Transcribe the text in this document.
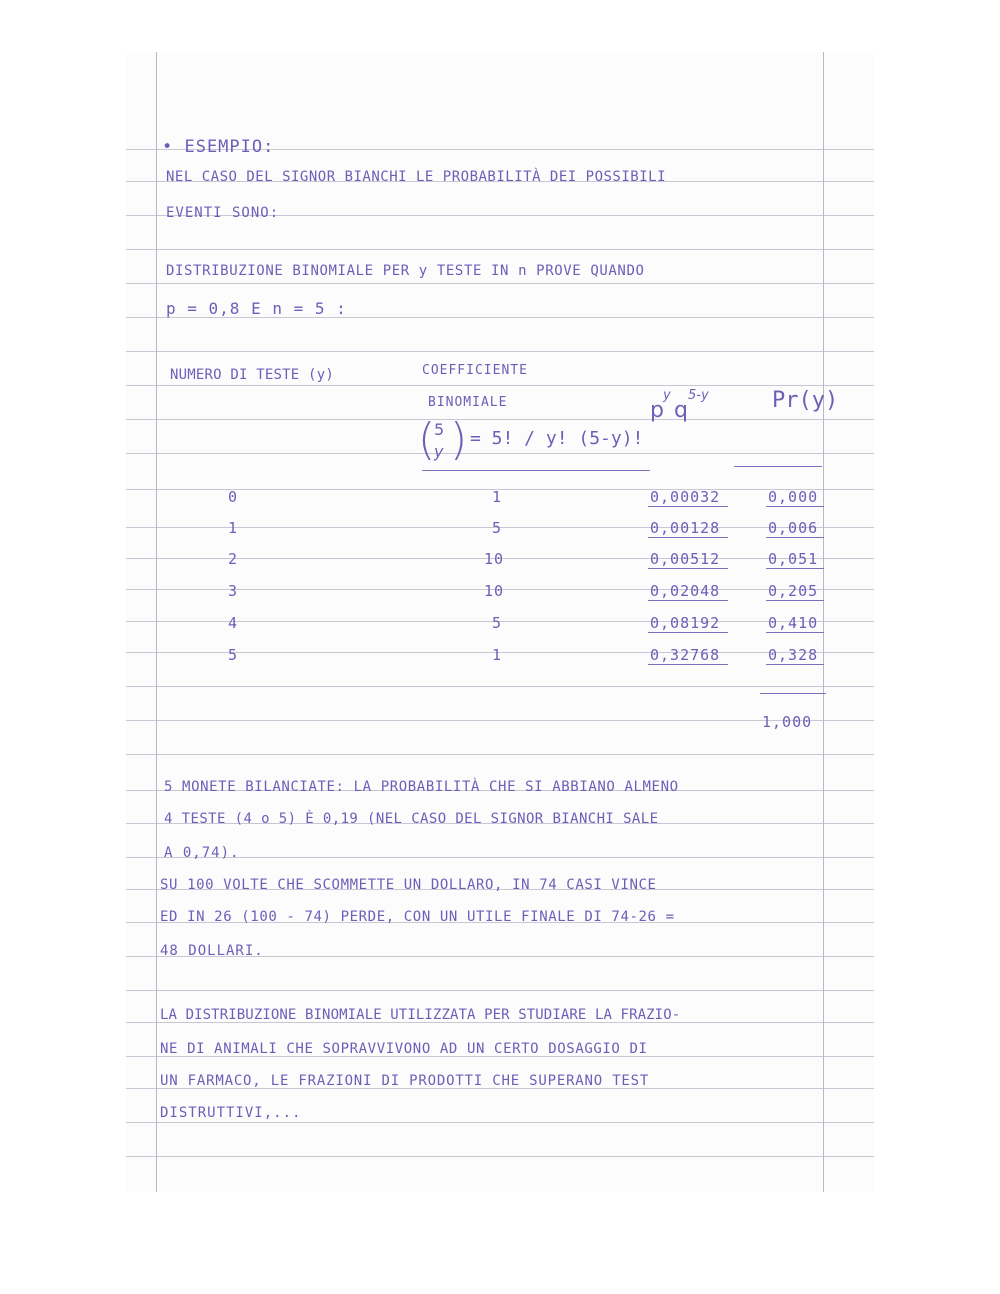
• ESEMPIO:
NEL CASO DEL SIGNOR BIANCHI LE PROBABILITÀ DEI POSSIBILI
EVENTI SONO:
DISTRIBUZIONE BINOMIALE PER y TESTE IN n PROVE QUANDO
p = 0,8 E n = 5 :
NUMERO DI TESTE (y)	COEFFICIENTE
BINOMIALE
(
5
y ) = 5! / y! (5-y)!
p
y
q
5-y	Pr(y)
0	1	0,00032	0,000
1	5	0,00128	0,006
2	10	0,00512	0,051
3	10	0,02048	0,205
4	5	0,08192	0,410
5	1	0,32768	0,328
1,000
5 MONETE BILANCIATE: LA PROBABILITÀ CHE SI ABBIANO ALMENO
4 TESTE (4 o 5) È 0,19 (NEL CASO DEL SIGNOR BIANCHI SALE
A 0,74).
SU 100 VOLTE CHE SCOMMETTE UN DOLLARO, IN 74 CASI VINCE
ED IN 26 (100 - 74) PERDE, CON UN UTILE FINALE DI 74-26 =
48 DOLLARI.
LA DISTRIBUZIONE BINOMIALE UTILIZZATA PER STUDIARE LA FRAZIO-
NE DI ANIMALI CHE SOPRAVVIVONO AD UN CERTO DOSAGGIO DI
UN FARMACO, LE FRAZIONI DI PRODOTTI CHE SUPERANO TEST
DISTRUTTIVI,...
